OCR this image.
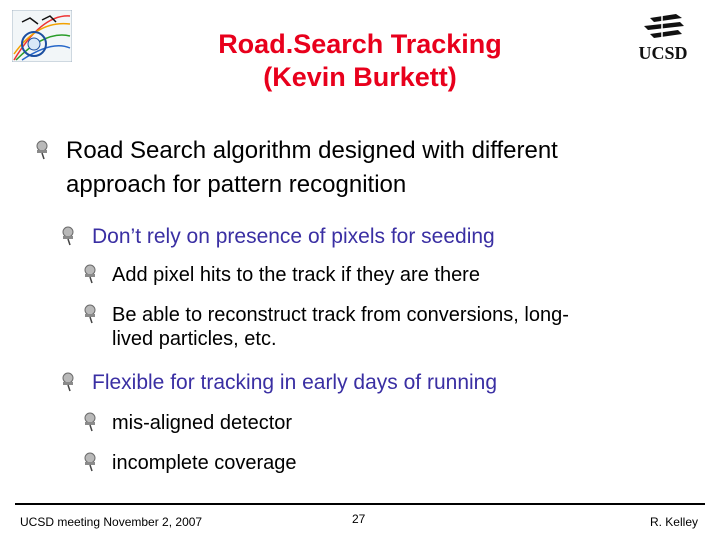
UCSD
Road.Search Tracking
(Kevin Burkett)
Road Search algorithm designed with different
approach for pattern recognition
Don’t rely on presence of pixels for seeding
Add pixel hits to the track if they are there
Be able to reconstruct track from conversions, long-
lived particles, etc.
Flexible for tracking in early days of running
mis-aligned detector
incomplete coverage
UCSD meeting November 2, 2007	27	R. Kelley
